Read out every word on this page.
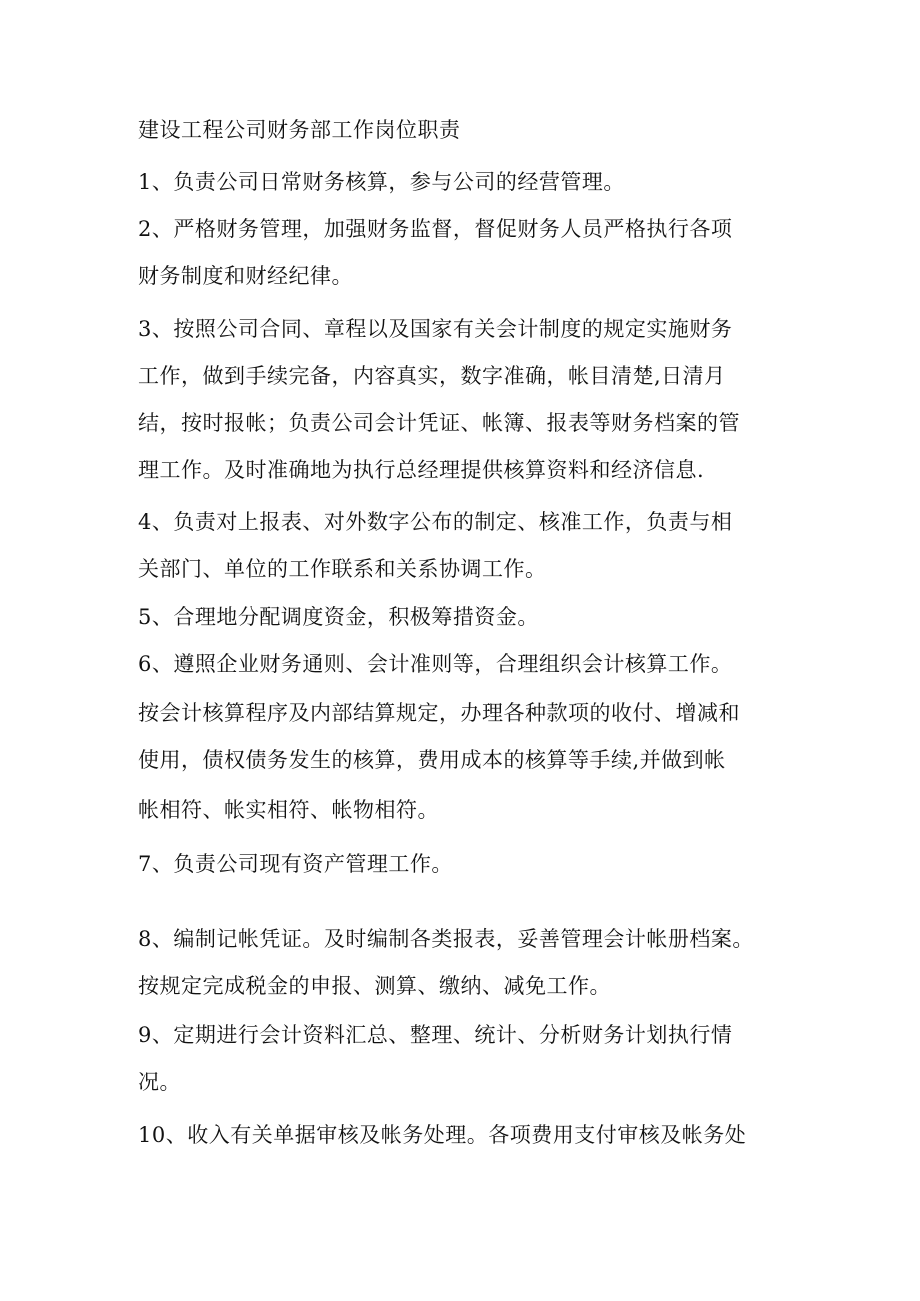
建设工程公司财务部工作岗位职责
1、负责公司日常财务核算，参与公司的经营管理。
2、严格财务管理，加强财务监督，督促财务人员严格执行各项
财务制度和财经纪律。
3、按照公司合同、章程以及国家有关会计制度的规定实施财务
工作，做到手续完备，内容真实，数字准确，帐目清楚,日清月
结，按时报帐；负责公司会计凭证、帐簿、报表等财务档案的管
理工作。及时准确地为执行总经理提供核算资料和经济信息.
4、负责对上报表、对外数字公布的制定、核准工作，负责与相
关部门、单位的工作联系和关系协调工作。
5、合理地分配调度资金，积极筹措资金。
6、遵照企业财务通则、会计准则等，合理组织会计核算工作。
按会计核算程序及内部结算规定，办理各种款项的收付、增减和
使用，债权债务发生的核算，费用成本的核算等手续,并做到帐
帐相符、帐实相符、帐物相符。
7、负责公司现有资产管理工作。
8、编制记帐凭证。及时编制各类报表，妥善管理会计帐册档案。
按规定完成税金的申报、测算、缴纳、减免工作。
9、定期进行会计资料汇总、整理、统计、分析财务计划执行情
况。
10、收入有关单据审核及帐务处理。各项费用支付审核及帐务处
